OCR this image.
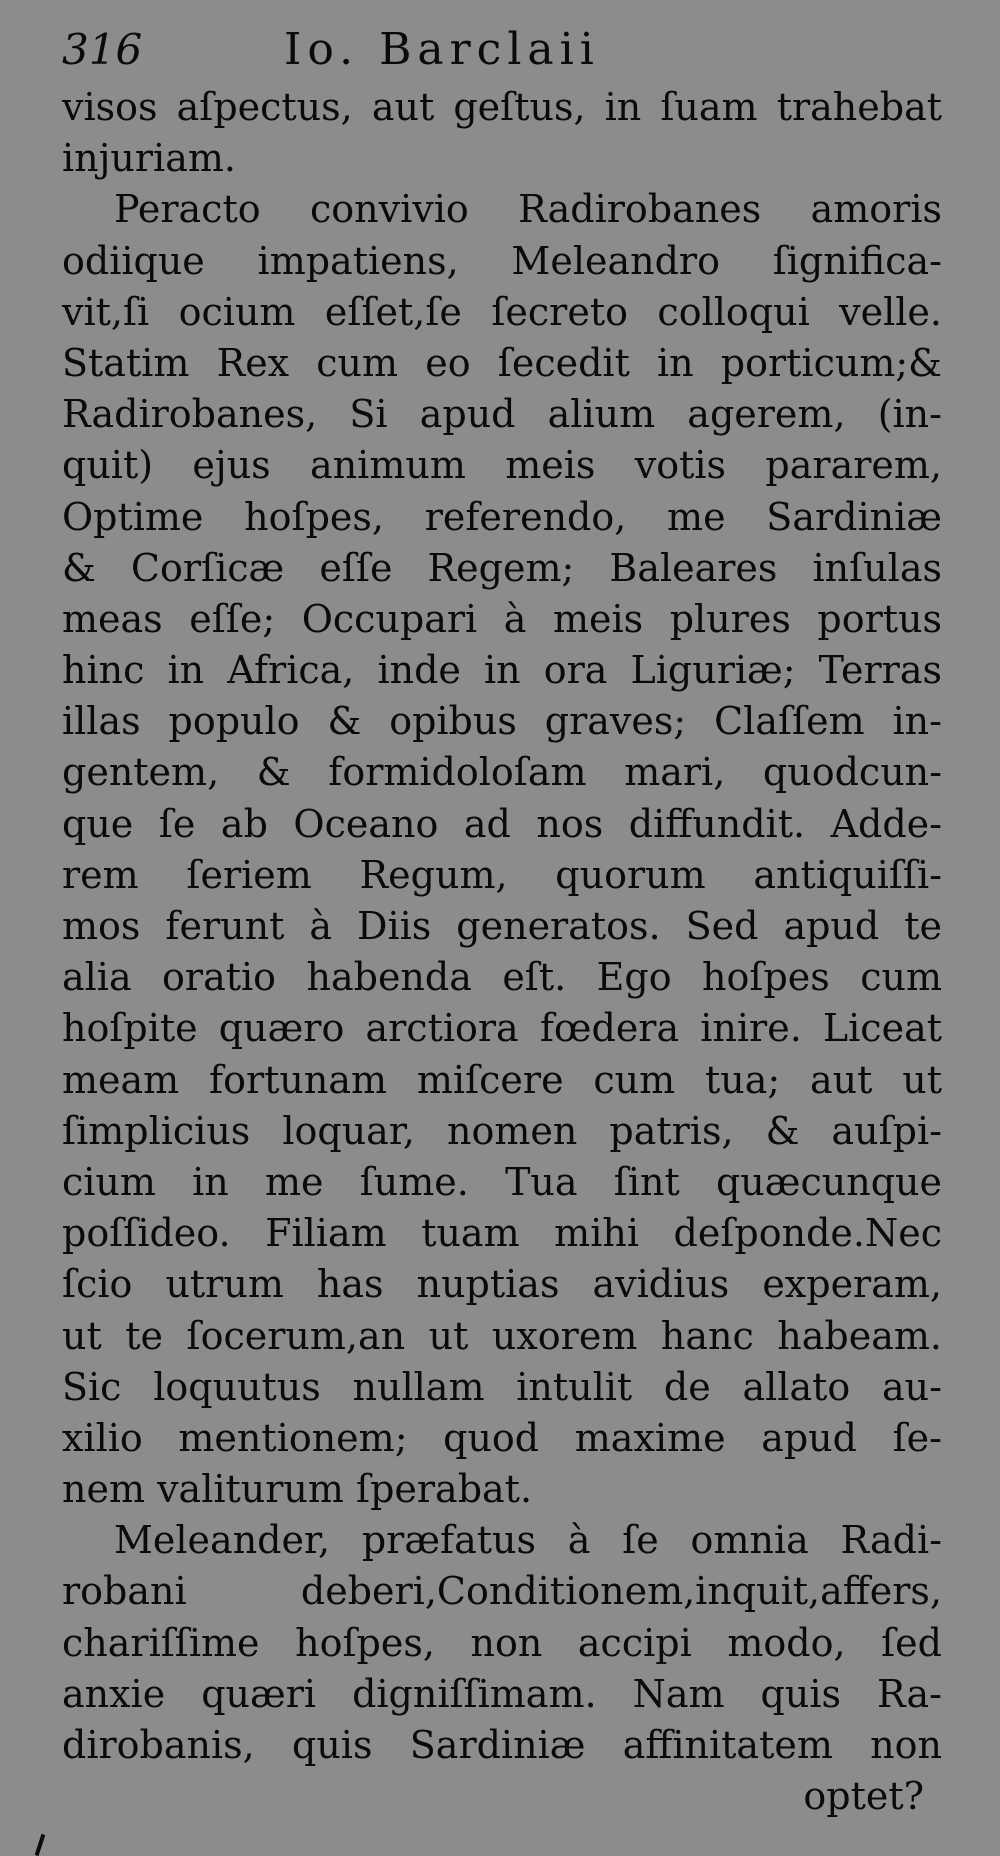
316	Io. Barclaii
visos aſpectus, aut geſtus, in ſuam trahebat
injuriam.
Peracto convivio Radirobanes amoris
odiique impatiens, Meleandro ſignifica-
vit,ſi ocium eſſet,ſe ſecreto colloqui velle.
Statim Rex cum eo ſecedit in porticum;&
Radirobanes, Si apud alium agerem, (in-
quit) ejus animum meis votis pararem,
Optime hoſpes, referendo, me Sardiniæ
& Corſicæ eſſe Regem; Baleares inſulas
meas eſſe; Occupari à meis plures portus
hinc in Africa, inde in ora Liguriæ; Terras
illas populo & opibus graves; Claſſem in-
gentem, & formidoloſam mari, quodcun-
que ſe ab Oceano ad nos diffundit. Adde-
rem ſeriem Regum, quorum antiquiſſi-
mos ferunt à Diis generatos. Sed apud te
alia oratio habenda eſt. Ego hoſpes cum
hoſpite quæro arctiora fœdera inire. Liceat
meam fortunam miſcere cum tua; aut ut
ſimplicius loquar, nomen patris, & auſpi-
cium in me ſume. Tua ſint quæcunque
poſſideo. Filiam tuam mihi deſponde.Nec
ſcio utrum has nuptias avidius experam,
ut te ſocerum,an ut uxorem hanc habeam.
Sic loquutus nullam intulit de allato au-
xilio mentionem; quod maxime apud ſe-
nem valiturum ſperabat.
Meleander, præfatus à ſe omnia Radi-
robani deberi,Conditionem,inquit,affers,
chariſſime hoſpes, non accipi modo, ſed
anxie quæri digniſſimam. Nam quis Ra-
dirobanis, quis Sardiniæ affinitatem non
optet?
